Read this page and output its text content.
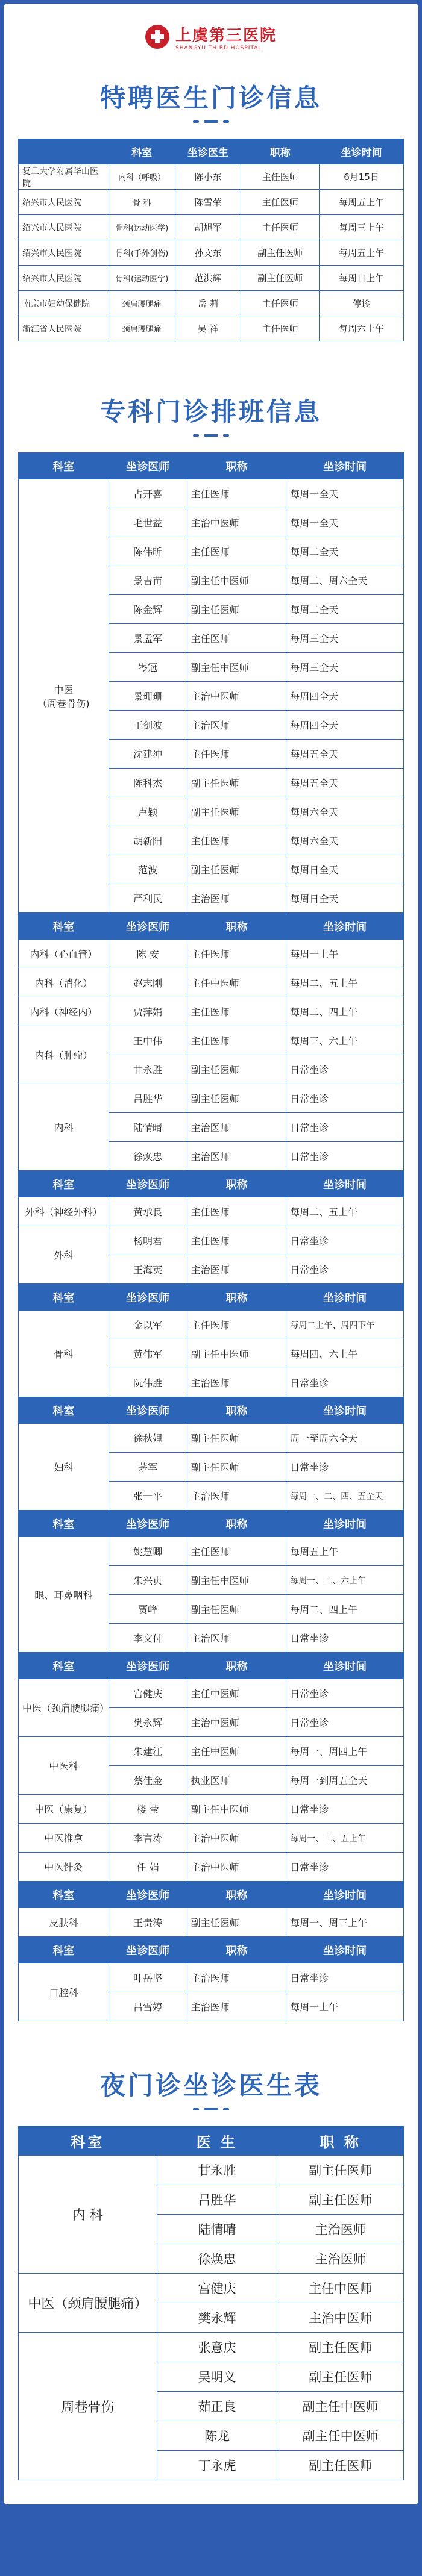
上虞第三医院
SHANGYU THIRD HOSPITAL
特聘医生门诊信息
	科室	坐诊医生	职称	坐诊时间
复旦大学附属华山医院	内科（呼吸）	陈小东	主任医师	6月15日
绍兴市人民医院	骨 科	陈雪荣	主任医师	每周五上午
绍兴市人民医院	骨科(运动医学)	胡旭军	主任医师	每周三上午
绍兴市人民医院	骨科(手外创伤)	孙文东	副主任医师	每周五上午
绍兴市人民医院	骨科(运动医学)	范洪辉	副主任医师	每周日上午
南京市妇幼保健院	颈肩腰腿痛	岳 莉	主任医师	停诊
浙江省人民医院	颈肩腰腿痛	吴 祥	主任医师	每周六上午
专科门诊排班信息
科室	坐诊医师	职称	坐诊时间
中医
（周巷骨伤)	占开喜	主任医师	每周一全天
	毛世益	主治中医师	每周一全天
	陈伟昕	主任医师	每周二全天
	景吉苗	副主任中医师	每周二、周六全天
	陈金辉	副主任医师	每周二全天
	景孟军	主任医师	每周三全天
	岑冠	副主任中医师	每周三全天
	景珊珊	主治中医师	每周四全天
	王剑波	主治医师	每周四全天
	沈建冲	主任医师	每周五全天
	陈科杰	副主任医师	每周五全天
	卢颖	副主任医师	每周六全天
	胡新阳	主任医师	每周六全天
	范波	副主任医师	每周日全天
	严利民	主治医师	每周日全天
科室	坐诊医师	职称	坐诊时间
内科（心血管）	陈 安	主任医师	每周一上午
内科（消化）	赵志刚	主任中医师	每周二、五上午
内科（神经内）	贾萍娟	主任医师	每周二、四上午
内科（肿瘤）	王中伟	主任医师	每周三、六上午
	甘永胜	副主任医师	日常坐诊
内科	吕胜华	副主任医师	日常坐诊
	陆情晴	主治医师	日常坐诊
	徐焕忠	主治医师	日常坐诊
科室	坐诊医师	职称	坐诊时间
外科（神经外科）	黄承良	主任医师	每周二、五上午
外科	杨明君	主任医师	日常坐诊
	王海英	主治医师	日常坐诊
科室	坐诊医师	职称	坐诊时间
骨科	金以军	主任医师	每周二上午、周四下午
	黄伟军	副主任中医师	每周四、六上午
	阮伟胜	主治医师	日常坐诊
科室	坐诊医师	职称	坐诊时间
妇科	徐秋娌	副主任医师	周一至周六全天
	茅军	副主任医师	日常坐诊
	张一平	主治医师	每周一、二、四、五全天
科室	坐诊医师	职称	坐诊时间
眼、耳鼻咽科	姚慧卿	主任医师	每周五上午
	朱兴贞	副主任中医师	每周一、三、六上午
	贾峰	副主任医师	每周二、四上午
	李文付	主治医师	日常坐诊
科室	坐诊医师	职称	坐诊时间
中医（颈肩腰腿痛）	宫健庆	主任中医师	日常坐诊
	樊永辉	主治中医师	日常坐诊
中医科	朱建江	主任中医师	每周一、周四上午
	蔡佳金	执业医师	每周一到周五全天
中医（康复）	楼 莹	副主任中医师	日常坐诊
中医推拿	李言涛	主治中医师	每周一、三、五上午
中医针灸	任 娟	主治中医师	日常坐诊
科室	坐诊医师	职称	坐诊时间
皮肤科	王贵涛	副主任医师	每周一、周三上午
科室	坐诊医师	职称	坐诊时间
口腔科	叶岳坚	主治医师	日常坐诊
	吕雪婷	主治医师	每周一上午
夜门诊坐诊医生表
科室	医 生	职 称
内 科	甘永胜	副主任医师
	吕胜华	副主任医师
	陆情晴	主治医师
	徐焕忠	主治医师
中医（颈肩腰腿痛）	宫健庆	主任中医师
	樊永辉	主治中医师
周巷骨伤	张意庆	副主任医师
	吴明义	副主任医师
	茹正良	副主任中医师
	陈龙	副主任中医师
	丁永虎	副主任医师
